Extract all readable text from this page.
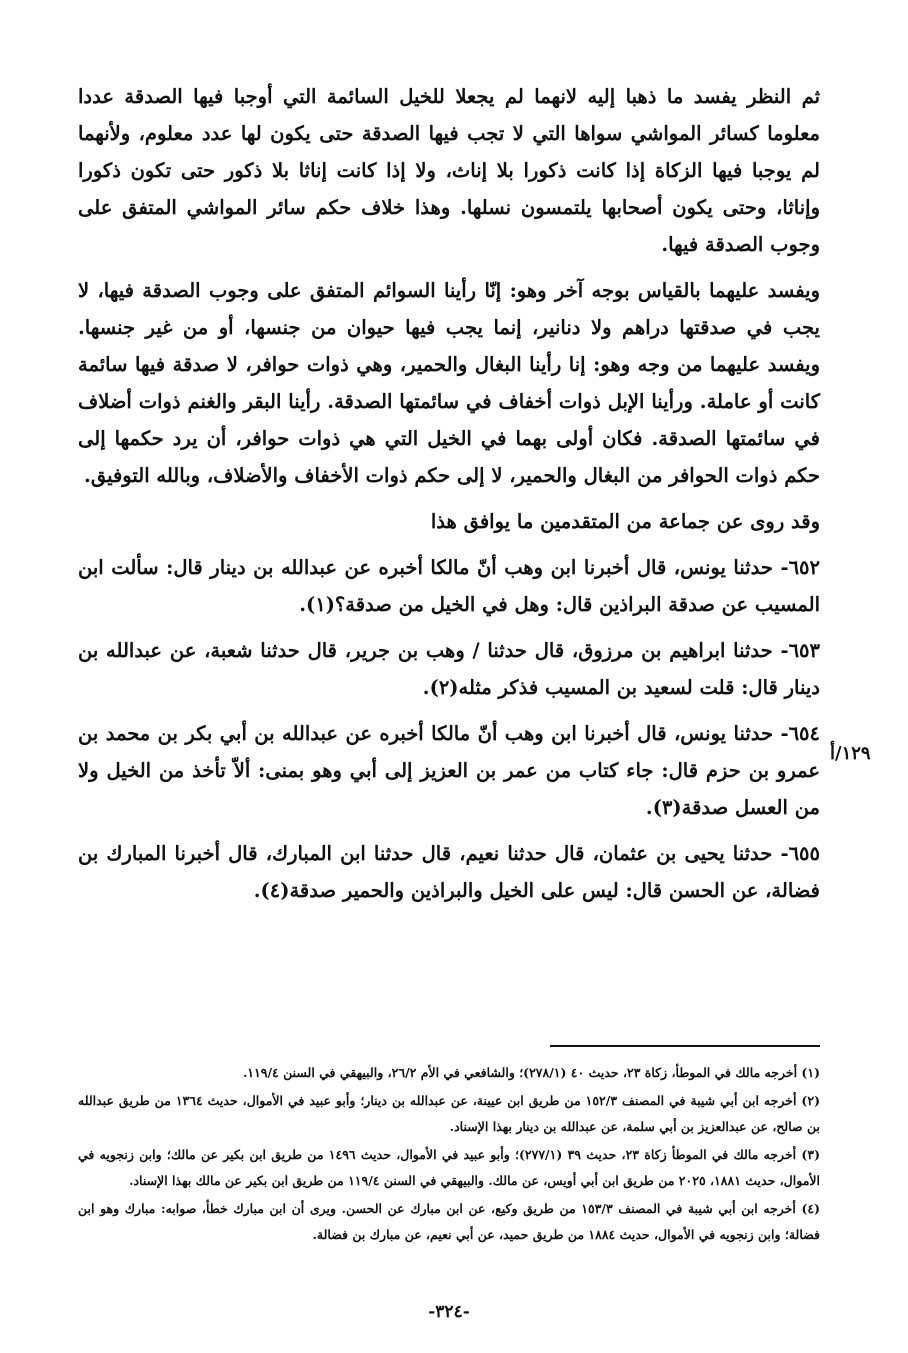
ثم النظر يفسد ما ذهبا إليه لانهما لم يجعلا للخيل السائمة التي أوجبا فيها الصدقة عددا معلوما كسائر المواشي سواها التي لا تجب فيها الصدقة حتى يكون لها عدد معلوم، ولأنهما لم يوجبا فيها الزكاة إذا كانت ذكورا بلا إناث، ولا إذا كانت إناثا بلا ذكور حتى تكون ذكورا وإناثا، وحتى يكون أصحابها يلتمسون نسلها. وهذا خلاف حكم سائر المواشي المتفق على وجوب الصدقة فيها.

ويفسد عليهما بالقياس بوجه آخر وهو: إنّا رأينا السوائم المتفق على وجوب الصدقة فيها، لا يجب في صدقتها دراهم ولا دنانير، إنما يجب فيها حيوان من جنسها، أو من غير جنسها. ويفسد عليهما من وجه وهو: إنا رأينا البغال والحمير، وهي ذوات حوافر، لا صدقة فيها سائمة كانت أو عاملة. ورأينا الإبل ذوات أخفاف في سائمتها الصدقة. رأينا البقر والغنم ذوات أضلاف في سائمتها الصدقة. فكان أولى بهما في الخيل التي هي ذوات حوافر، أن يرد حكمها إلى حكم ذوات الحوافر من البغال والحمير، لا إلى حكم ذوات الأخفاف والأضلاف، وبالله التوفيق.

وقد روى عن جماعة من المتقدمين ما يوافق هذا

٦٥٢- حدثنا يونس، قال أخبرنا ابن وهب أنّ مالكا أخبره عن عبدالله بن دينار قال: سألت ابن المسيب عن صدقة البراذين قال: وهل في الخيل من صدقة؟(١).

٦٥٣- حدثنا ابراهيم بن مرزوق، قال حدثنا / وهب بن جرير، قال حدثنا شعبة، عن عبدالله بن دينار قال: قلت لسعيد بن المسيب فذكر مثله(٢).

٦٥٤- حدثنا يونس، قال أخبرنا ابن وهب أنّ مالكا أخبره عن عبدالله بن أبي بكر بن محمد بن عمرو بن حزم قال: جاء كتاب من عمر بن العزيز إلى أبي وهو بمنى: ألاّ تأخذ من الخيل ولا من العسل صدقة(٣).

٦٥٥- حدثنا يحيى بن عثمان، قال حدثنا نعيم، قال حدثنا ابن المبارك، قال أخبرنا المبارك بن فضالة، عن الحسن قال: ليس على الخيل والبراذين والحمير صدقة(٤).

١٢٩/أ

(١) أخرجه مالك في الموطأ، زكاة ٢٣، حديث ٤٠ (٢٧٨/١)؛ والشافعي في الأم ٢٦/٢، والبيهقي في السنن ١١٩/٤.

(٢) أخرجه ابن أبي شيبة في المصنف ١٥٢/٣ من طريق ابن عيينة، عن عبدالله بن دينار؛ وأبو عبيد في الأموال، حديث ١٣٦٤ من طريق عبدالله بن صالح، عن عبدالعزيز بن أبي سلمة، عن عبدالله بن دينار بهذا الإسناد.

(٣) أخرجه مالك في الموطأ زكاة ٢٣، حديث ٣٩ (٢٧٧/١)؛ وأبو عبيد في الأموال، حديث ١٤٩٦ من طريق ابن بكير عن مالك؛ وابن زنجويه في الأموال، حديث ١٨٨١، ٢٠٢٥ من طريق ابن أبي أويس، عن مالك. والبيهقي في السنن ١١٩/٤ من طريق ابن بكير عن مالك بهذا الإسناد.

(٤) أخرجه ابن أبي شيبة في المصنف ١٥٣/٣ من طريق وكيع، عن ابن مبارك عن الحسن. ويرى أن ابن مبارك خطأ، صوابه: مبارك وهو ابن فضالة؛ وابن زنجويه في الأموال، حديث ١٨٨٤ من طريق حميد، عن أبي نعيم، عن مبارك بن فضالة.

-٣٢٤-
